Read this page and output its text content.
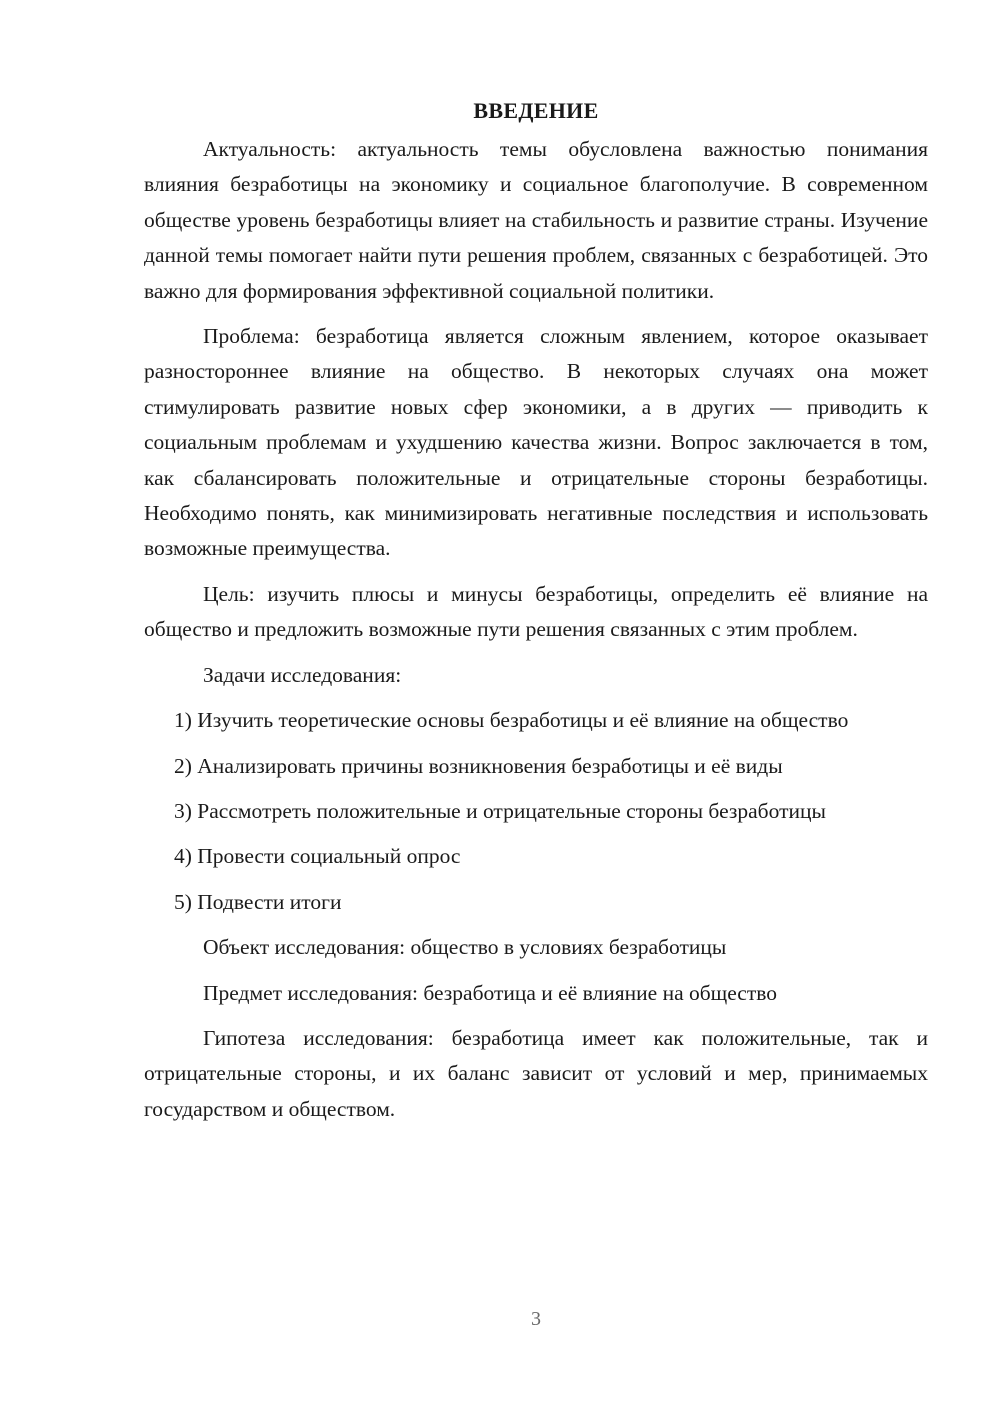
ВВЕДЕНИЕ

Актуальность: актуальность темы обусловлена важностью понимания влияния безработицы на экономику и социальное благополучие. В современном обществе уровень безработицы влияет на стабильность и развитие страны. Изучение данной темы помогает найти пути решения проблем, связанных с безработицей. Это важно для формирования эффективной социальной политики.

Проблема: безработица является сложным явлением, которое оказывает разностороннее влияние на общество. В некоторых случаях она может стимулировать развитие новых сфер экономики, а в других — приводить к социальным проблемам и ухудшению качества жизни. Вопрос заключается в том, как сбалансировать положительные и отрицательные стороны безработицы. Необходимо понять, как минимизировать негативные последствия и использовать возможные преимущества.

Цель: изучить плюсы и минусы безработицы, определить её влияние на общество и предложить возможные пути решения связанных с этим проблем.

Задачи исследования:

1) Изучить теоретические основы безработицы и её влияние на общество

2) Анализировать причины возникновения безработицы и её виды

3) Рассмотреть положительные и отрицательные стороны безработицы

4) Провести социальный опрос

5) Подвести итоги

Объект исследования: общество в условиях безработицы

Предмет исследования: безработица и её влияние на общество

Гипотеза исследования: безработица имеет как положительные, так и отрицательные стороны, и их баланс зависит от условий и мер, принимаемых государством и обществом.

3
